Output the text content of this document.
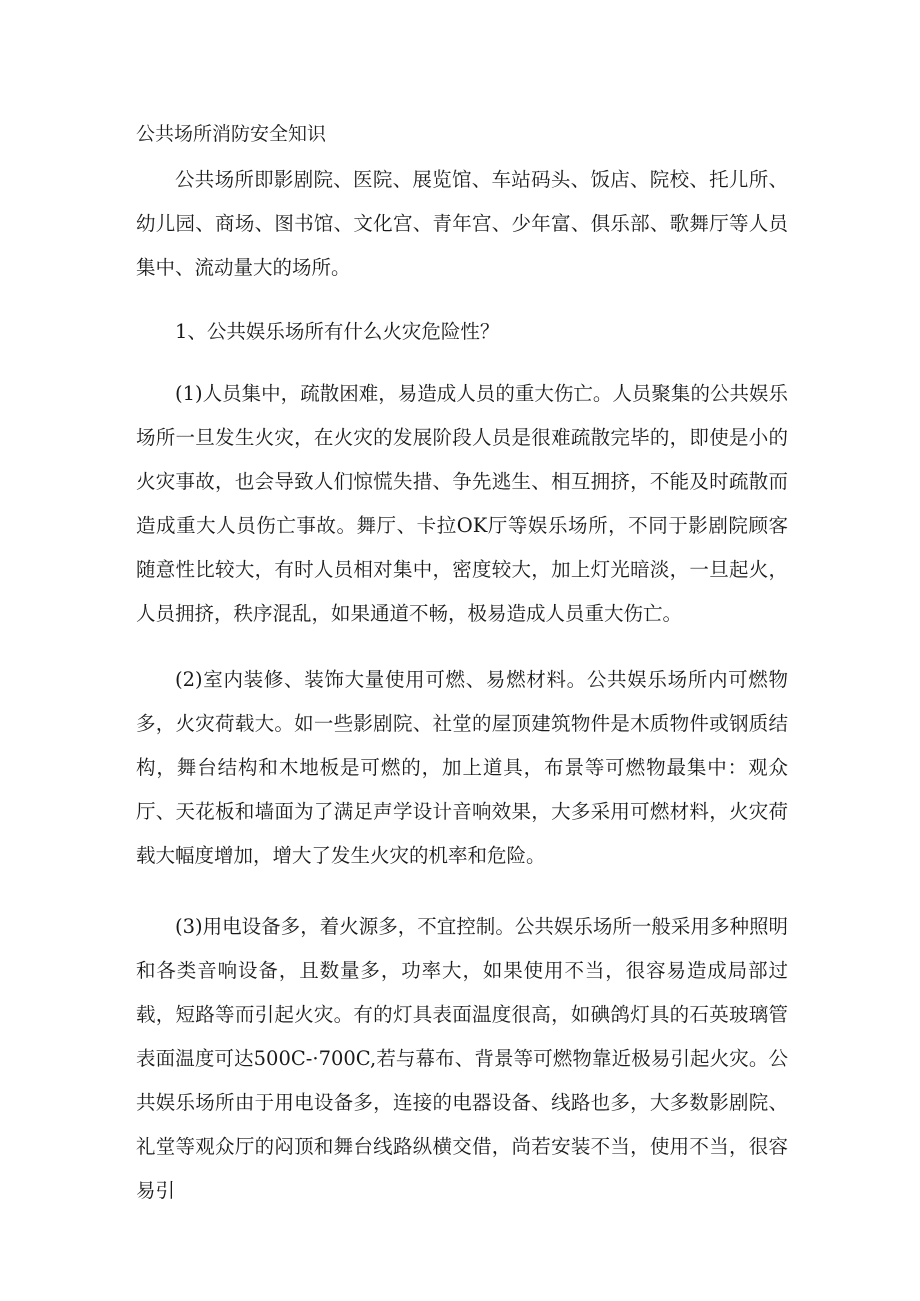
公共场所消防安全知识

公共场所即影剧院、医院、展览馆、车站码头、饭店、院校、托儿所、幼儿园、商场、图书馆、文化宫、青年宫、少年富、俱乐部、歌舞厅等人员集中、流动量大的场所。

1、公共娱乐场所有什么火灾危险性？

(1)人员集中，疏散困难，易造成人员的重大伤亡。人员聚集的公共娱乐场所一旦发生火灾，在火灾的发展阶段人员是很难疏散完毕的，即使是小的火灾事故，也会导致人们惊慌失措、争先逃生、相互拥挤，不能及时疏散而造成重大人员伤亡事故。舞厅、卡拉OK厅等娱乐场所，不同于影剧院顾客随意性比较大，有时人员相对集中，密度较大，加上灯光暗淡，一旦起火，人员拥挤，秩序混乱，如果通道不畅，极易造成人员重大伤亡。

(2)室内装修、装饰大量使用可燃、易燃材料。公共娱乐场所内可燃物多，火灾荷载大。如一些影剧院、社堂的屋顶建筑物件是木质物件或钢质结构，舞台结构和木地板是可燃的，加上道具，布景等可燃物最集中：观众厅、天花板和墙面为了满足声学设计音响效果，大多采用可燃材料，火灾荷载大幅度增加，增大了发生火灾的机率和危险。

(3)用电设备多，着火源多，不宜控制。公共娱乐场所一般采用多种照明和各类音响设备，且数量多，功率大，如果使用不当，很容易造成局部过载，短路等而引起火灾。有的灯具表面温度很高，如碘鸽灯具的石英玻璃管表面温度可达500C-·700C,若与幕布、背景等可燃物靠近极易引起火灾。公共娱乐场所由于用电设备多，连接的电器设备、线路也多，大多数影剧院、礼堂等观众厅的闷顶和舞台线路纵横交借，尚若安装不当，使用不当，很容易引
